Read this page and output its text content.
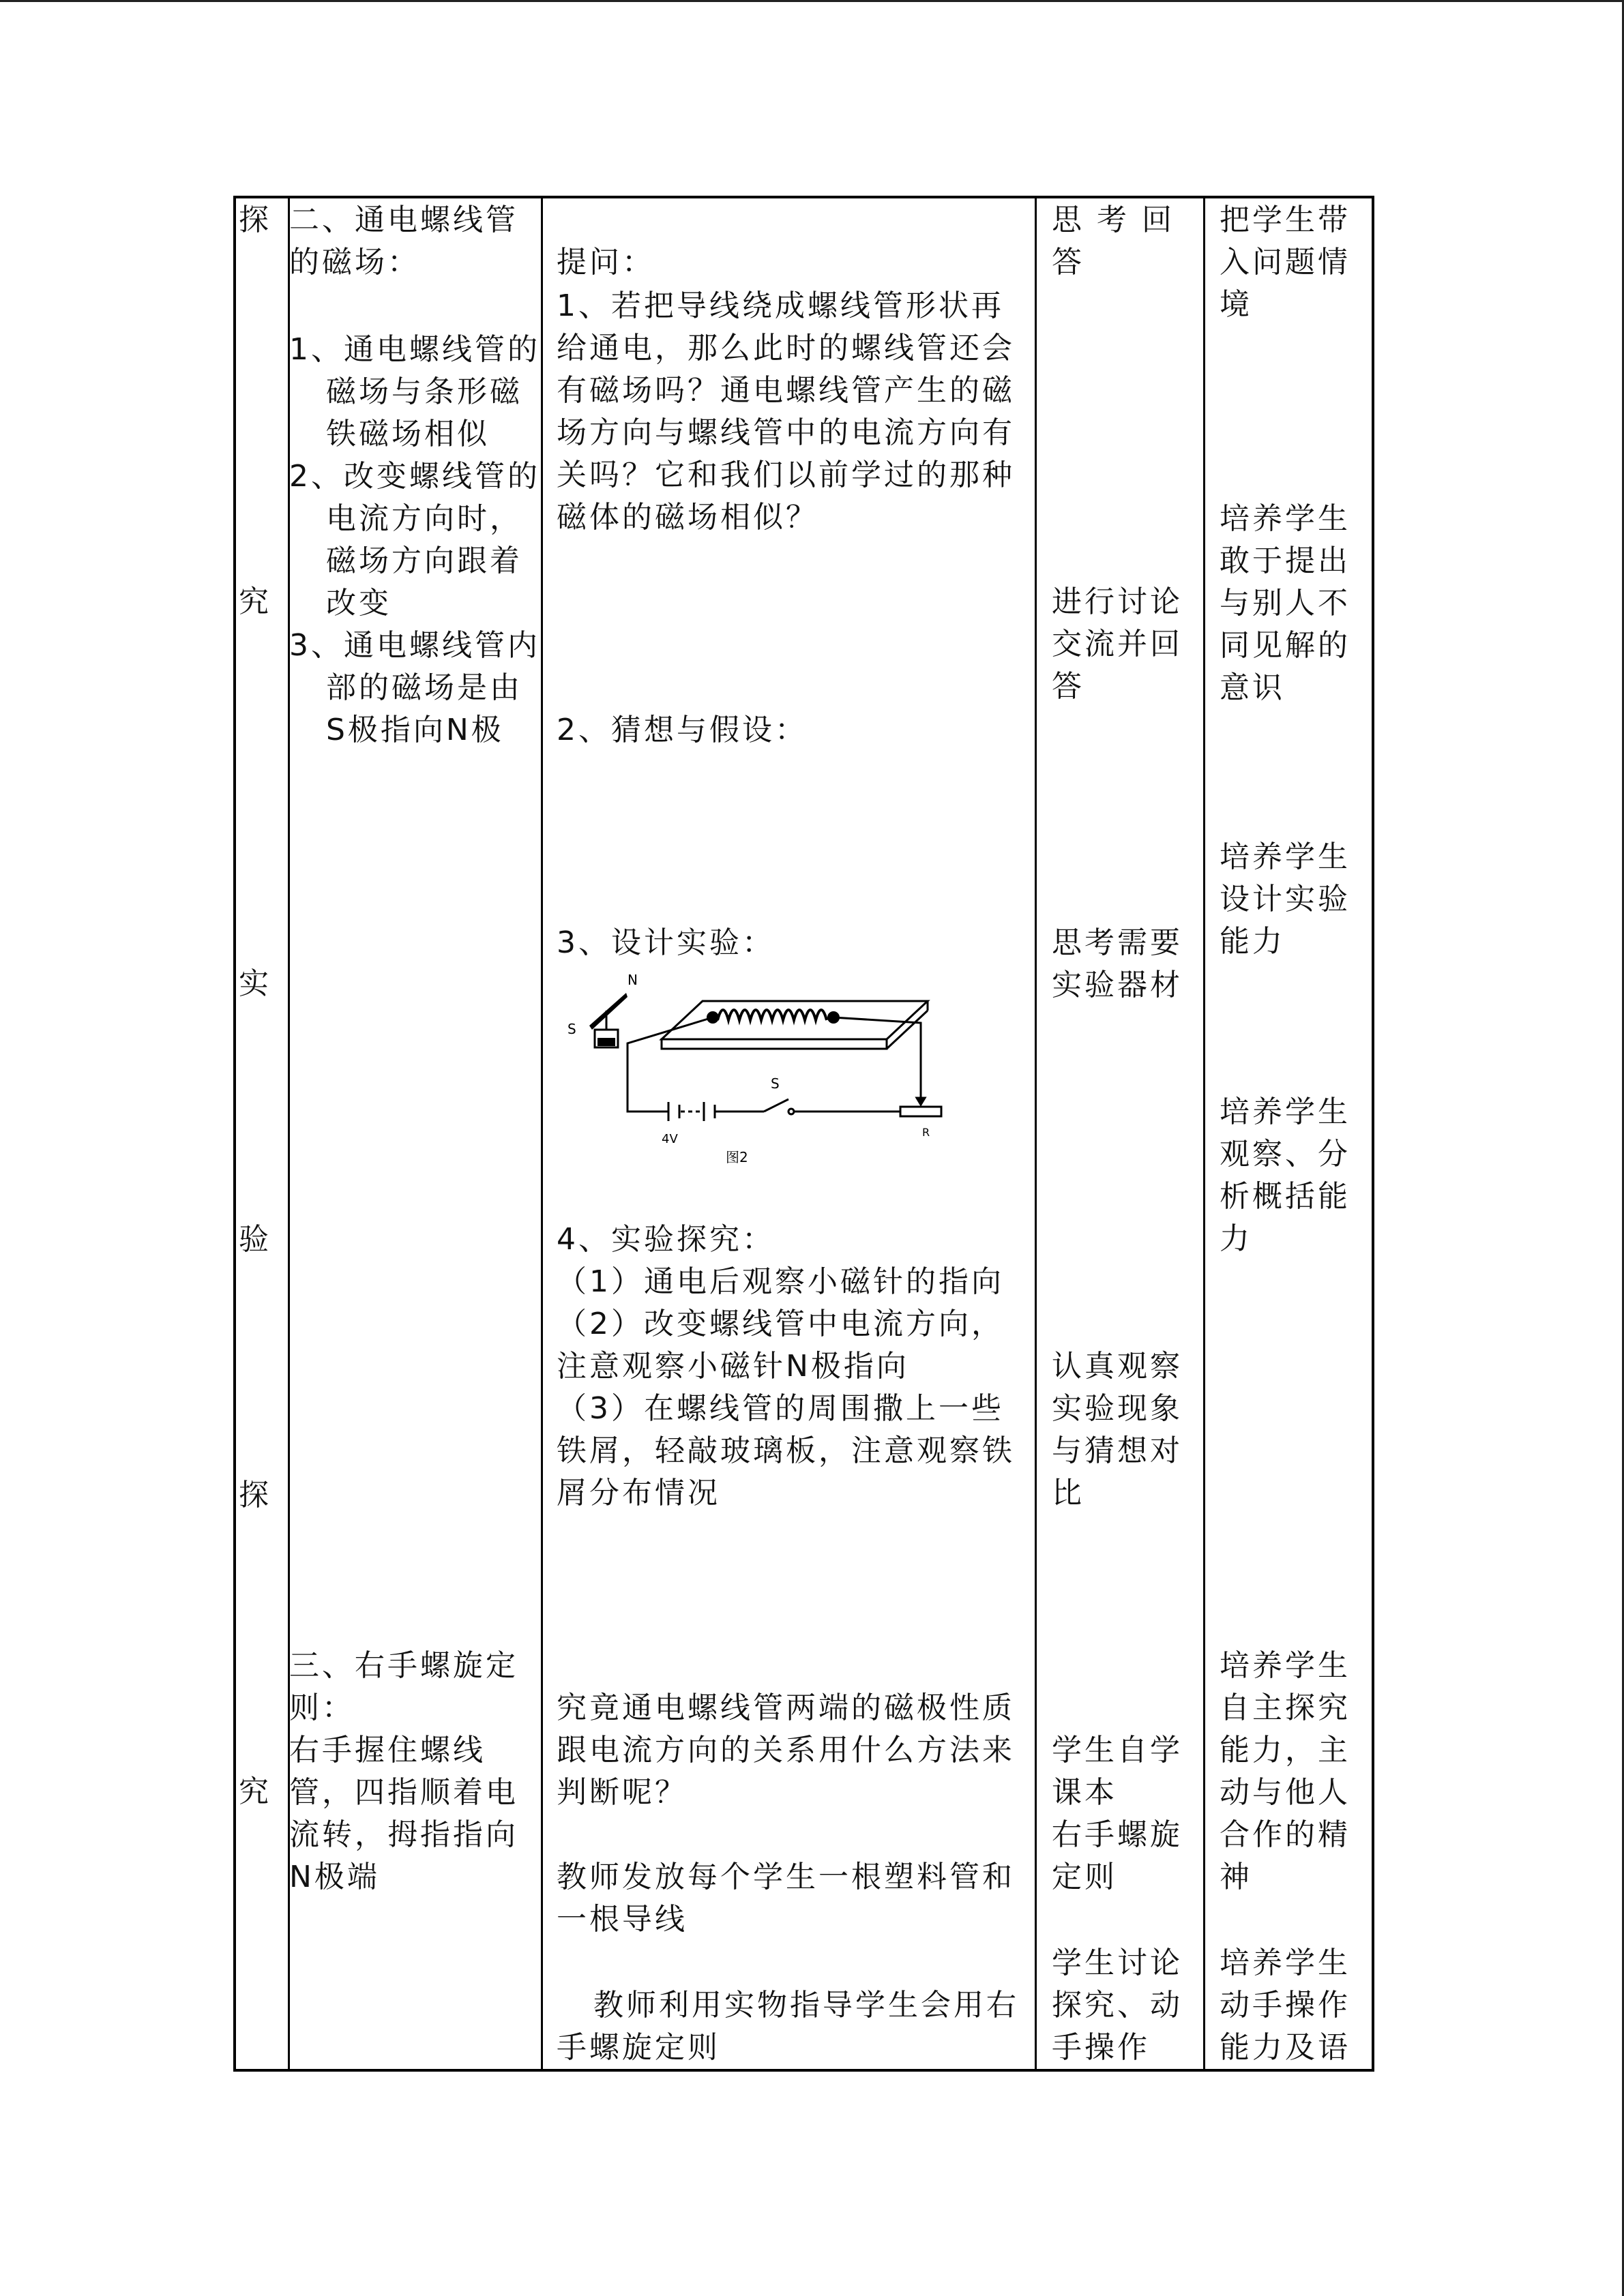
探
究
实
验
探
究
二、通电螺线管
的磁场：
1、通电螺线管的
磁场与条形磁
铁磁场相似
2、改变螺线管的
电流方向时，
磁场方向跟着
改变
3、通电螺线管内
部的磁场是由
S极指向N极
三、右手螺旋定
则：
右手握住螺线
管，四指顺着电
流转，拇指指向
N极端
提问：
1、若把导线绕成螺线管形状再
给通电，那么此时的螺线管还会
有磁场吗？通电螺线管产生的磁
场方向与螺线管中的电流方向有
关吗？它和我们以前学过的那种
磁体的磁场相似？
2、猜想与假设：
3、设计实验：
4、实验探究：
（1）通电后观察小磁针的指向
（2）改变螺线管中电流方向，
注意观察小磁针N极指向
（3）在螺线管的周围撒上一些
铁屑，轻敲玻璃板，注意观察铁
屑分布情况
究竟通电螺线管两端的磁极性质
跟电流方向的关系用什么方法来
判断呢？
教师发放每个学生一根塑料管和
一根导线
教师利用实物指导学生会用右
手螺旋定则
N
S
S
R
4V
图2
思 考 回
答
进行讨论
交流并回
答
思考需要
实验器材
认真观察
实验现象
与猜想对
比
学生自学
课本
右手螺旋
定则
学生讨论
探究、动
手操作
把学生带
入问题情
境
培养学生
敢于提出
与别人不
同见解的
意识
培养学生
设计实验
能力
培养学生
观察、分
析概括能
力
培养学生
自主探究
能力，主
动与他人
合作的精
神
培养学生
动手操作
能力及语
